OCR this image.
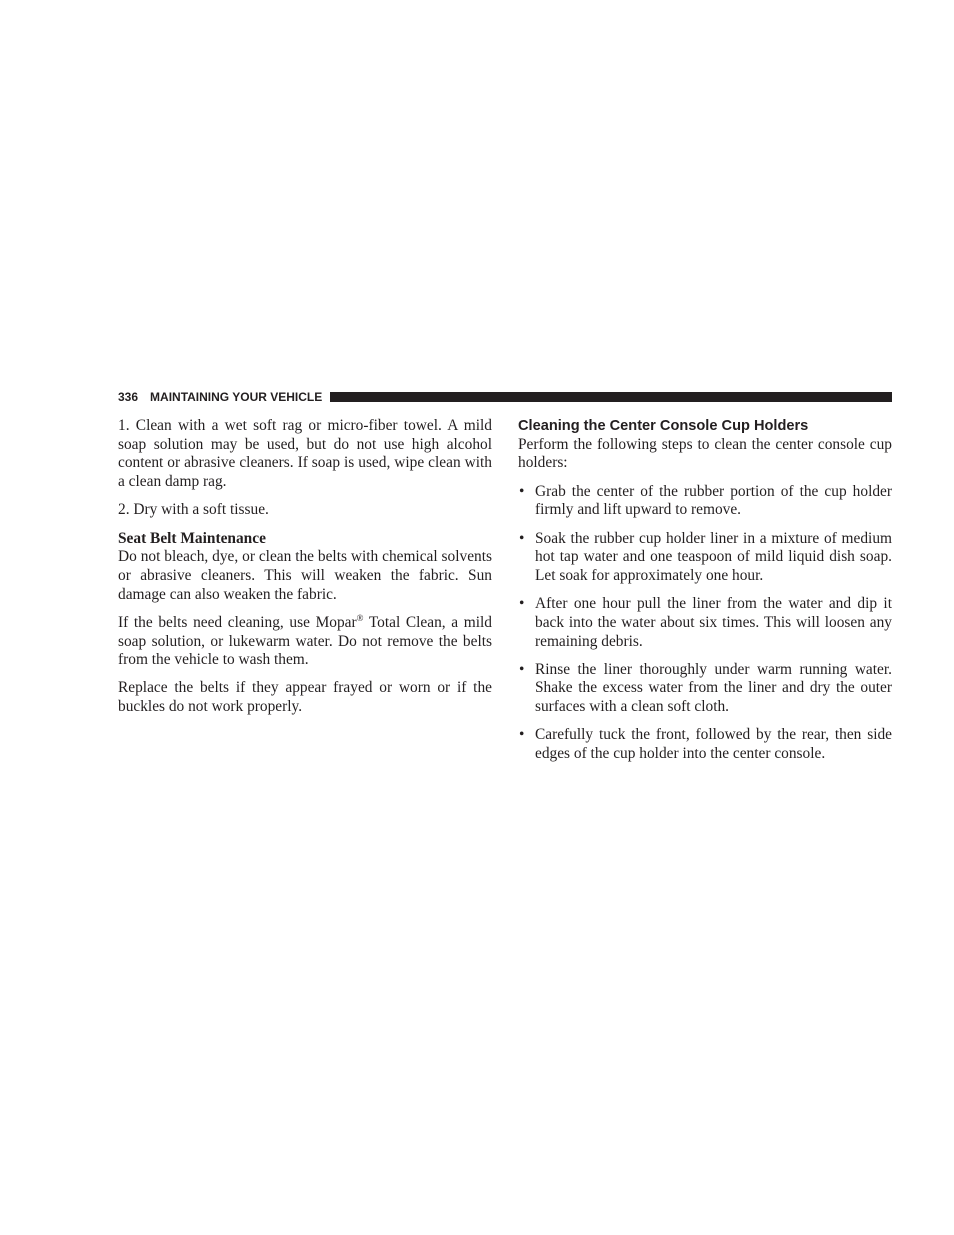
336 MAINTAINING YOUR VEHICLE

1. Clean with a wet soft rag or micro-fiber towel. A mild soap solution may be used, but do not use high alcohol content or abrasive cleaners. If soap is used, wipe clean with a clean damp rag.

2. Dry with a soft tissue.

Seat Belt Maintenance

Do not bleach, dye, or clean the belts with chemical solvents or abrasive cleaners. This will weaken the fabric. Sun damage can also weaken the fabric.

If the belts need cleaning, use Mopar® Total Clean, a mild soap solution, or lukewarm water. Do not remove the belts from the vehicle to wash them.

Replace the belts if they appear frayed or worn or if the buckles do not work properly.

Cleaning the Center Console Cup Holders

Perform the following steps to clean the center console cup holders:

• Grab the center of the rubber portion of the cup holder firmly and lift upward to remove.
• Soak the rubber cup holder liner in a mixture of medium hot tap water and one teaspoon of mild liquid dish soap. Let soak for approximately one hour.
• After one hour pull the liner from the water and dip it back into the water about six times. This will loosen any remaining debris.
• Rinse the liner thoroughly under warm running water. Shake the excess water from the liner and dry the outer surfaces with a clean soft cloth.
• Carefully tuck the front, followed by the rear, then side edges of the cup holder into the center console.
